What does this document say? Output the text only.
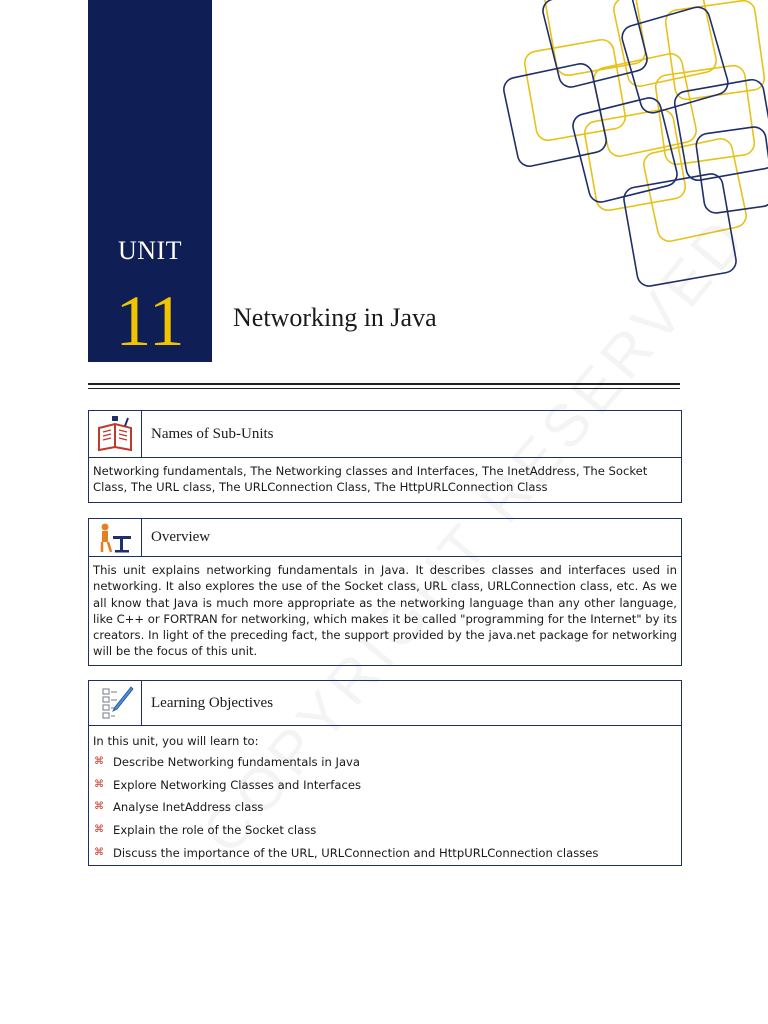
UNIT
11	Networking in Java
Names of Sub-Units
Networking fundamentals, The Networking classes and Interfaces, The InetAddress, The Socket Class, The URL class, The URLConnection Class, The HttpURLConnection Class
Overview
This unit explains networking fundamentals in Java. It describes classes and interfaces used in networking. It also explores the use of the Socket class, URL class, URLConnection class, etc. As we all know that Java is much more appropriate as the networking language than any other language, like C++ or FORTRAN for networking, which makes it be called "programming for the Internet" by its creators. In light of the preceding fact, the support provided by the java.net package for networking will be the focus of this unit.
Learning Objectives
In this unit, you will learn to:
⌘ Describe Networking fundamentals in Java
⌘ Explore Networking Classes and Interfaces
⌘ Analyse InetAddress class
⌘ Explain the role of the Socket class
⌘ Discuss the importance of the URL, URLConnection and HttpURLConnection classes
